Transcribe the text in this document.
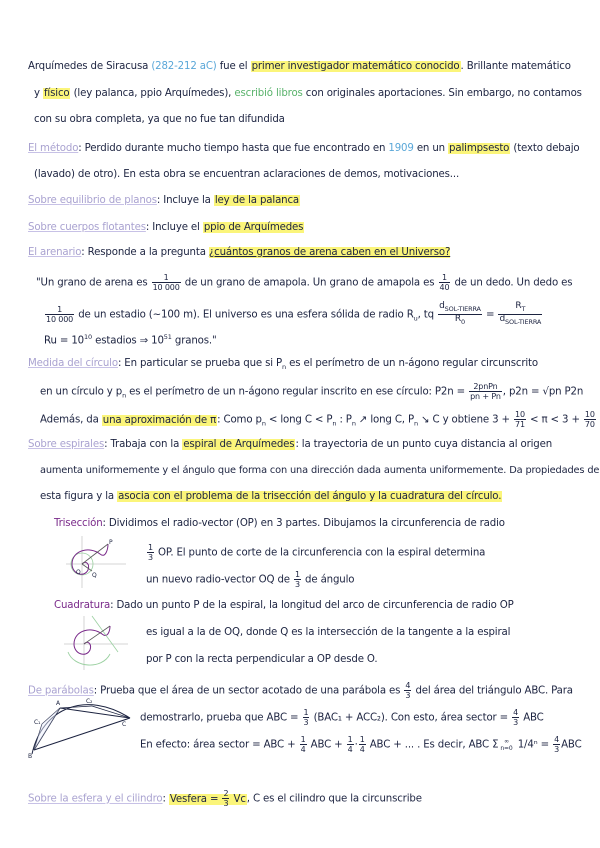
Arquímedes de Siracusa (282-212 aC) fue el primer investigador matemático conocido. Brillante matemático
y físico (ley palanca, ppio Arquímedes), escribió libros con originales aportaciones. Sin embargo, no contamos
con su obra completa, ya que no fue tan difundida
El método: Perdido durante mucho tiempo hasta que fue encontrado en 1909 en un palimpsesto (texto debajo
(lavado) de otro). En esta obra se encuentran aclaraciones de demos, motivaciones...
Sobre equilibrio de planos: Incluye la ley de la palanca
Sobre cuerpos flotantes: Incluye el ppio de Arquímedes
El arenario: Responde a la pregunta ¿cuántos granos de arena caben en el Universo?
"Un grano de arena es $\frac{1}{10 000}$ de un grano de amapola. Un grano de amapola es $\frac{1}{40}$ de un dedo. Un dedo es
$\frac{1}{10 000}$ de un estadio (~100 m). El universo es una esfera sólida de radio $R_u$, tq $\frac{d_{SOL-TIERRA}}{R_0} = \frac{R_T}{d_{SOL-TIERRA}}$
$Ru = 10^{10}$ estadios ⇒ $10^{51}$ granos."
Medida del círculo: En particular se prueba que si $P_n$ es el perímetro de un n-ágono regular circunscrito
en un círculo y $p_n$ es el perímetro de un n-ágono regular inscrito en ese círculo: $P2n = \frac{\text{2pnPn}}{pn + Pn}$ , p2n = √pn P2n
Además, da una aproximación de π: Como $p_n$ < long $C < P_n$ : $P_n$ ↗ long C, $P_n$ ↘ C y obtiene $3 + \frac{10}{71} < \pi < 3 + \frac{10}{70}$
Sobre espirales: Trabaja con la espiral de Arquímedes: la trayectoria de un punto cuya distancia al origen
aumenta uniformemente y el ángulo que forma con una dirección dada aumenta uniformemente. Da propiedades de
esta figura y la asocia con el problema de la trisección del ángulo y la cuadratura del círculo.
Trisección: Dividimos el radio-vector (OP) en 3 partes. Dibujamos la circunferencia de radio
$\frac{1}{3}$ OP. El punto de corte de la circunferencia con la espiral determina
un nuevo radio-vector OQ de $\frac{1}{3}$ de ángulo
P
O Q
Cuadratura: Dado un punto P de la espiral, la longitud del arco de circunferencia de radio OP
es igual a la de OQ, donde Q es la intersección de la tangente a la espiral
por P con la recta perpendicular a OP desde O.
De parábolas: Prueba que el área de un sector acotado de una parábola es $\frac{4}{3}$ del área del triángulo ABC. Para
demostrarlo, prueba que ABC = $\frac{1}{3} (BAC_1 + ACC_2)$. Con esto, área sector = $\frac{4}{3}$ ABC
En efecto: área sector = ABC + $\frac{1}{4}$ ABC + $\frac{1}{4} \cdot \frac{1}{4}$ ABC + ... . Es decir, ABC Σ ∞
n=0 $1/4^n = \frac{4}{3}$ ABC
A
B
C
C₁
C₂
Sobre la esfera y el cilindro: Vesfera = $\frac{2}{3} Vc$, C es el cilindro que la circunscribe
